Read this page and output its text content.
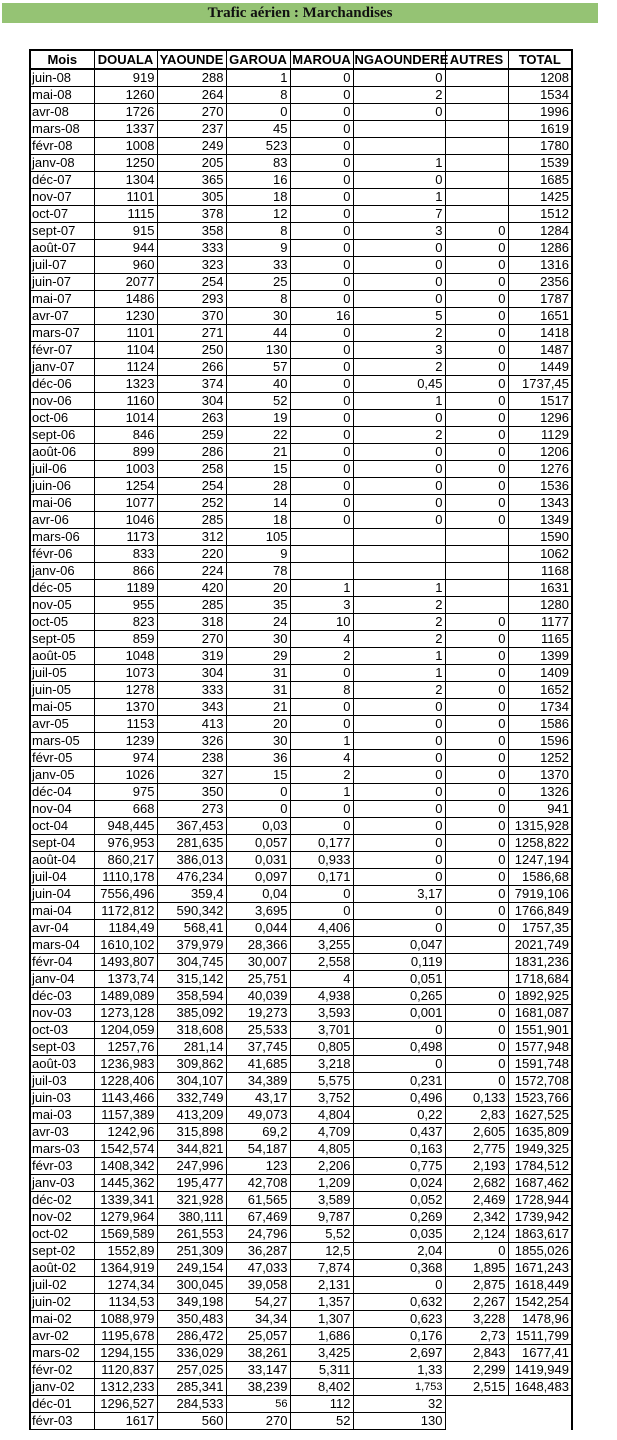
Trafic aérien : Marchandises
Mois	DOUALA	YAOUNDE	GAROUA	MAROUA	NGAOUNDERE	AUTRES	TOTAL
juin-08	919	288	1	0	0		1208
mai-08	1260	264	8	0	2		1534
avr-08	1726	270	0	0	0		1996
mars-08	1337	237	45	0			1619
févr-08	1008	249	523	0			1780
janv-08	1250	205	83	0	1		1539
déc-07	1304	365	16	0	0		1685
nov-07	1101	305	18	0	1		1425
oct-07	1115	378	12	0	7		1512
sept-07	915	358	8	0	3	0	1284
août-07	944	333	9	0	0	0	1286
juil-07	960	323	33	0	0	0	1316
juin-07	2077	254	25	0	0	0	2356
mai-07	1486	293	8	0	0	0	1787
avr-07	1230	370	30	16	5	0	1651
mars-07	1101	271	44	0	2	0	1418
févr-07	1104	250	130	0	3	0	1487
janv-07	1124	266	57	0	2	0	1449
déc-06	1323	374	40	0	0,45	0	1737,45
nov-06	1160	304	52	0	1	0	1517
oct-06	1014	263	19	0	0	0	1296
sept-06	846	259	22	0	2	0	1129
août-06	899	286	21	0	0	0	1206
juil-06	1003	258	15	0	0	0	1276
juin-06	1254	254	28	0	0	0	1536
mai-06	1077	252	14	0	0	0	1343
avr-06	1046	285	18	0	0	0	1349
mars-06	1173	312	105				1590
févr-06	833	220	9				1062
janv-06	866	224	78				1168
déc-05	1189	420	20	1	1		1631
nov-05	955	285	35	3	2		1280
oct-05	823	318	24	10	2	0	1177
sept-05	859	270	30	4	2	0	1165
août-05	1048	319	29	2	1	0	1399
juil-05	1073	304	31	0	1	0	1409
juin-05	1278	333	31	8	2	0	1652
mai-05	1370	343	21	0	0	0	1734
avr-05	1153	413	20	0	0	0	1586
mars-05	1239	326	30	1	0	0	1596
févr-05	974	238	36	4	0	0	1252
janv-05	1026	327	15	2	0	0	1370
déc-04	975	350	0	1	0	0	1326
nov-04	668	273	0	0	0	0	941
oct-04	948,445	367,453	0,03	0	0	0	1315,928
sept-04	976,953	281,635	0,057	0,177	0	0	1258,822
août-04	860,217	386,013	0,031	0,933	0	0	1247,194
juil-04	1110,178	476,234	0,097	0,171	0	0	1586,68
juin-04	7556,496	359,4	0,04	0	3,17	0	7919,106
mai-04	1172,812	590,342	3,695	0	0	0	1766,849
avr-04	1184,49	568,41	0,044	4,406	0	0	1757,35
mars-04	1610,102	379,979	28,366	3,255	0,047		2021,749
févr-04	1493,807	304,745	30,007	2,558	0,119		1831,236
janv-04	1373,74	315,142	25,751	4	0,051		1718,684
déc-03	1489,089	358,594	40,039	4,938	0,265	0	1892,925
nov-03	1273,128	385,092	19,273	3,593	0,001	0	1681,087
oct-03	1204,059	318,608	25,533	3,701	0	0	1551,901
sept-03	1257,76	281,14	37,745	0,805	0,498	0	1577,948
août-03	1236,983	309,862	41,685	3,218	0	0	1591,748
juil-03	1228,406	304,107	34,389	5,575	0,231	0	1572,708
juin-03	1143,466	332,749	43,17	3,752	0,496	0,133	1523,766
mai-03	1157,389	413,209	49,073	4,804	0,22	2,83	1627,525
avr-03	1242,96	315,898	69,2	4,709	0,437	2,605	1635,809
mars-03	1542,574	344,821	54,187	4,805	0,163	2,775	1949,325
févr-03	1408,342	247,996	123	2,206	0,775	2,193	1784,512
janv-03	1445,362	195,477	42,708	1,209	0,024	2,682	1687,462
déc-02	1339,341	321,928	61,565	3,589	0,052	2,469	1728,944
nov-02	1279,964	380,111	67,469	9,787	0,269	2,342	1739,942
oct-02	1569,589	261,553	24,796	5,52	0,035	2,124	1863,617
sept-02	1552,89	251,309	36,287	12,5	2,04	0	1855,026
août-02	1364,919	249,154	47,033	7,874	0,368	1,895	1671,243
juil-02	1274,34	300,045	39,058	2,131	0	2,875	1618,449
juin-02	1134,53	349,198	54,27	1,357	0,632	2,267	1542,254
mai-02	1088,979	350,483	34,34	1,307	0,623	3,228	1478,96
avr-02	1195,678	286,472	25,057	1,686	0,176	2,73	1511,799
mars-02	1294,155	336,029	38,261	3,425	2,697	2,843	1677,41
févr-02	1120,837	257,025	33,147	5,311	1,33	2,299	1419,949
janv-02	1312,233	285,341	38,239	8,402	1,753	2,515	1648,483
déc-01	1296,527	284,533	56	112	32		
févr-03	1617	560	270	52	130		
